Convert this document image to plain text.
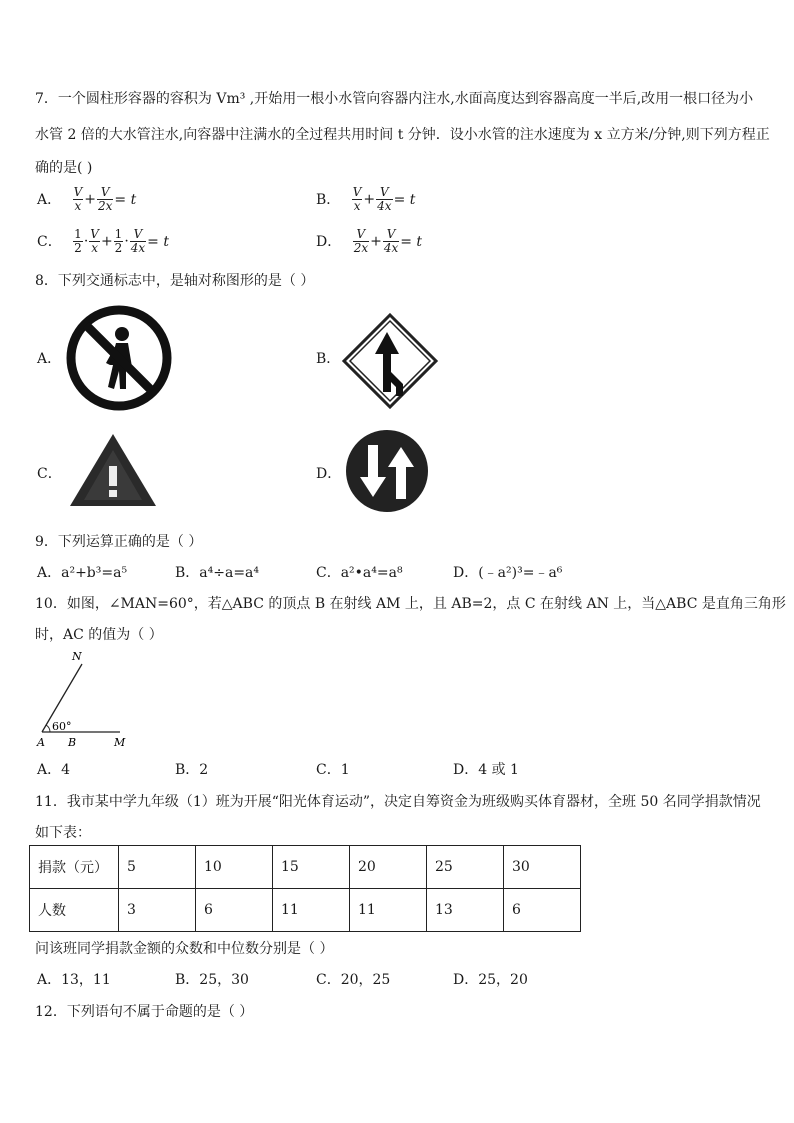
7．一个圆柱形容器的容积为 Vm³ ,开始用一根小水管向容器内注水,水面高度达到容器高度一半后,改用一根口径为小
水管 2 倍的大水管注水,向容器中注满水的全过程共用时间 t 分钟．设小水管的注水速度为 x 立方米/分钟,则下列方程正
确的是( )
A． $\frac{V}{x} + \frac{V}{2x} = t$	B． $\frac{V}{x} + \frac{V}{4x} = t$
C． $\frac{1}{2} \cdot \frac{V}{x} + \frac{1}{2} \cdot \frac{V}{4x} = t$	D． $\frac{V}{2x} + \frac{V}{4x} = t$
8．下列交通标志中，是轴对称图形的是（ ）
A．	B．
C．	D．
9．下列运算正确的是（ ）
A．a²+b³=a⁵	B．a⁴÷a=a⁴	C．a²•a⁴=a⁸	D．(﹣a²)³=﹣a⁶
10．如图，∠MAN=60°，若△ABC 的顶点 B 在射线 AM 上，且 AB=2，点 C 在射线 AN 上，当△ABC 是直角三角形
时，AC 的值为（ ）
60°
N
A B	M
A．4	B．2	C．1	D．4 或 1
11．我市某中学九年级（1）班为开展“阳光体育运动”，决定自筹资金为班级购买体育器材，全班 50 名同学捐款情况
如下表：
捐款（元）	5	10	15	20	25	30
人数	3	6	11	11	13	6
问该班同学捐款金额的众数和中位数分别是（ ）
A．13，11	B．25，30	C．20，25	D．25，20
12．下列语句不属于命题的是（ ）
